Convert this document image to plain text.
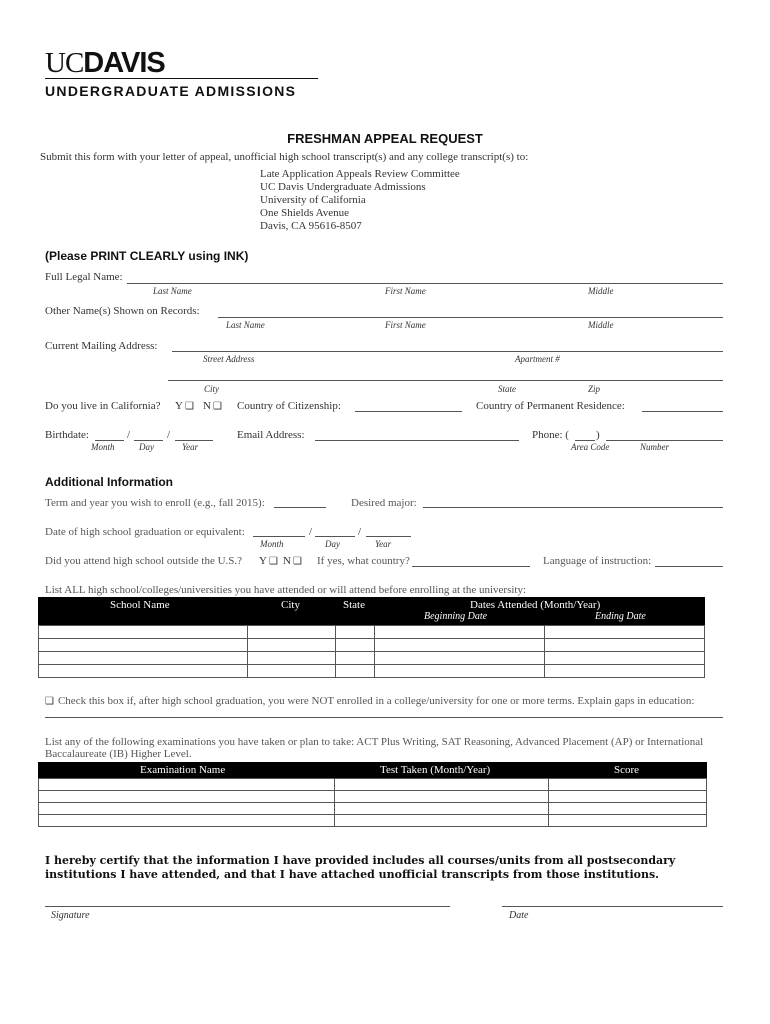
UCDAVIS
UNDERGRADUATE ADMISSIONS
FRESHMAN APPEAL REQUEST
Submit this form with your letter of appeal, unofficial high school transcript(s) and any college transcript(s) to:
Late Application Appeals Review Committee
UC Davis Undergraduate Admissions
University of California
One Shields Avenue
Davis, CA 95616-8507
(Please PRINT CLEARLY using INK)
Full Legal Name:
Last Name	First Name	Middle
Other Name(s) Shown on Records:
Last Name	First Name	Middle
Current Mailing Address:
Street Address	Apartment #
City	State	Zip
Do you live in California? Y ❑ N ❑ Country of Citizenship:	Country of Permanent Residence:
Birthdate:	/	/
Month	Day	Year
Email Address:	Phone: ( )
Area Code	Number
Additional Information
Term and year you wish to enroll (e.g., fall 2015):	Desired major:
Date of high school graduation or equivalent:	/	/
Month	Day	Year
Did you attend high school outside the U.S.? Y ❑ N ❑ If yes, what country?	Language of instruction:
List ALL high school/colleges/universities you have attended or will attend before enrolling at the university:
School Name	City	State	Dates Attended (Month/Year)
Beginning Date	Ending Date

❑ Check this box if, after high school graduation, you were NOT enrolled in a college/university for one or more terms. Explain gaps in education:
List any of the following examinations you have taken or plan to take: ACT Plus Writing, SAT Reasoning, Advanced Placement (AP) or International Baccalaureate (IB) Higher Level.
Examination Name	Test Taken (Month/Year)	Score

I hereby certify that the information I have provided includes all courses/units from all postsecondary institutions I have attended, and that I have attached unofficial transcripts from those institutions.
Signature	Date
